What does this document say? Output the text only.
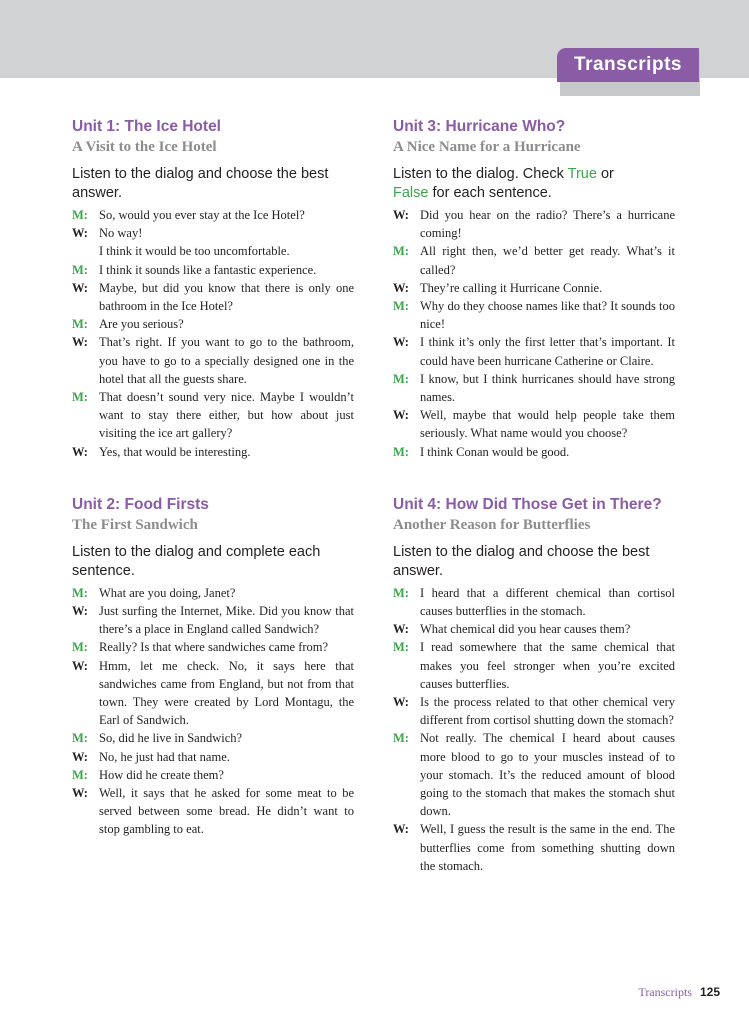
Transcripts
Unit 1: The Ice Hotel
A Visit to the Ice Hotel

Listen to the dialog and choose the best answer.

M: So, would you ever stay at the Ice Hotel?
W: No way!
I think it would be too uncomfortable.
M: I think it sounds like a fantastic experience.
W: Maybe, but did you know that there is only one bathroom in the Ice Hotel?
M: Are you serious?
W: That’s right. If you want to go to the bathroom, you have to go to a specially designed one in the hotel that all the guests share.
M: That doesn’t sound very nice. Maybe I wouldn’t want to stay there either, but how about just visiting the ice art gallery?
W: Yes, that would be interesting.
Unit 2: Food Firsts
The First Sandwich

Listen to the dialog and complete each sentence.

M: What are you doing, Janet?
W: Just surfing the Internet, Mike. Did you know that there’s a place in England called Sandwich?
M: Really? Is that where sandwiches came from?
W: Hmm, let me check. No, it says here that sandwiches came from England, but not from that town. They were created by Lord Montagu, the Earl of Sandwich.
M: So, did he live in Sandwich?
W: No, he just had that name.
M: How did he create them?
W: Well, it says that he asked for some meat to be served between some bread. He didn’t want to stop gambling to eat.
Unit 3: Hurricane Who?
A Nice Name for a Hurricane

Listen to the dialog. Check True or
False for each sentence.

W: Did you hear on the radio? There’s a hurricane coming!
M: All right then, we’d better get ready. What’s it called?
W: They’re calling it Hurricane Connie.
M: Why do they choose names like that? It sounds too nice!
W: I think it’s only the first letter that’s important. It could have been hurricane Catherine or Claire.
M: I know, but I think hurricanes should have strong names.
W: Well, maybe that would help people take them seriously. What name would you choose?
M: I think Conan would be good.
Unit 4: How Did Those Get in There?
Another Reason for Butterflies

Listen to the dialog and choose the best answer.

M: I heard that a different chemical than cortisol causes butterflies in the stomach.
W: What chemical did you hear causes them?
M: I read somewhere that the same chemical that makes you feel stronger when you’re excited causes butterflies.
W: Is the process related to that other chemical very different from cortisol shutting down the stomach?
M: Not really. The chemical I heard about causes more blood to go to your muscles instead of to your stomach. It’s the reduced amount of blood going to the stomach that makes the stomach shut down.
W: Well, I guess the result is the same in the end. The butterflies come from something shutting down the stomach.
Transcripts 125
